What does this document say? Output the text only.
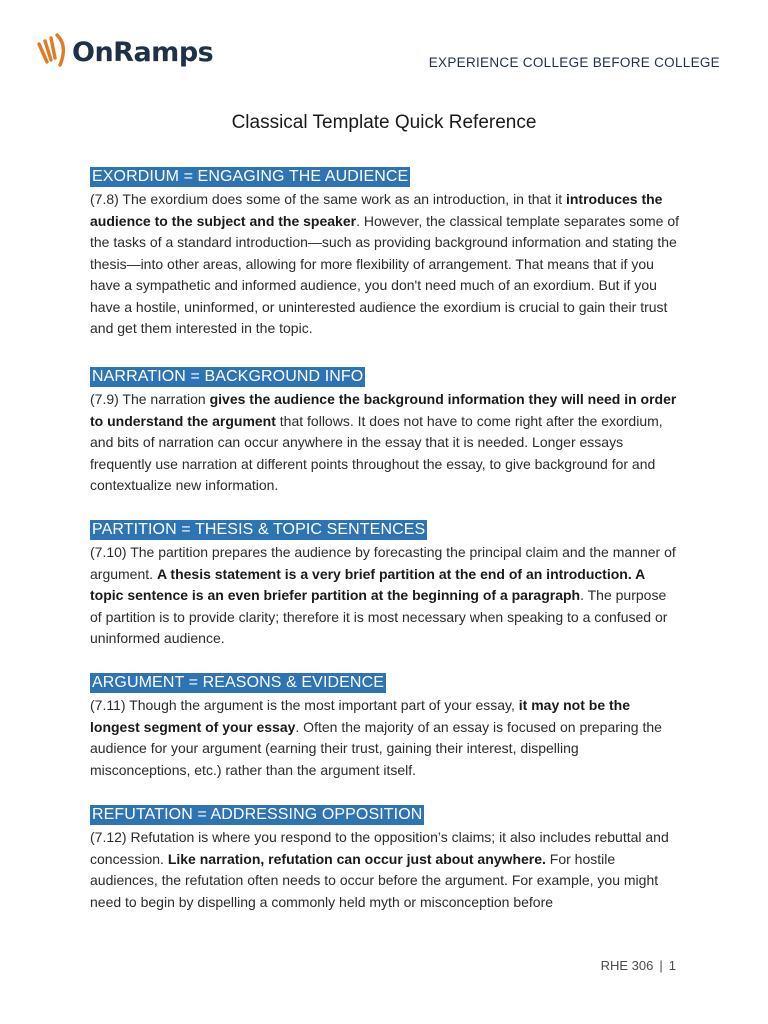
OnRamps	EXPERIENCE COLLEGE BEFORE COLLEGE
Classical Template Quick Reference
EXORDIUM = ENGAGING THE AUDIENCE
(7.8) The exordium does some of the same work as an introduction, in that it introduces the audience to the subject and the speaker. However, the classical template separates some of the tasks of a standard introduction—such as providing background information and stating the thesis—into other areas, allowing for more flexibility of arrangement. That means that if you have a sympathetic and informed audience, you don't need much of an exordium. But if you have a hostile, uninformed, or uninterested audience the exordium is crucial to gain their trust and get them interested in the topic.
NARRATION = BACKGROUND INFO
(7.9) The narration gives the audience the background information they will need in order to understand the argument that follows. It does not have to come right after the exordium, and bits of narration can occur anywhere in the essay that it is needed. Longer essays frequently use narration at different points throughout the essay, to give background for and contextualize new information.
PARTITION = THESIS & TOPIC SENTENCES
(7.10) The partition prepares the audience by forecasting the principal claim and the manner of argument. A thesis statement is a very brief partition at the end of an introduction. A topic sentence is an even briefer partition at the beginning of a paragraph. The purpose of partition is to provide clarity; therefore it is most necessary when speaking to a confused or uninformed audience.
ARGUMENT = REASONS & EVIDENCE
(7.11) Though the argument is the most important part of your essay, it may not be the longest segment of your essay. Often the majority of an essay is focused on preparing the audience for your argument (earning their trust, gaining their interest, dispelling misconceptions, etc.) rather than the argument itself.
REFUTATION = ADDRESSING OPPOSITION
(7.12) Refutation is where you respond to the opposition’s claims; it also includes rebuttal and concession. Like narration, refutation can occur just about anywhere. For hostile audiences, the refutation often needs to occur before the argument. For example, you might need to begin by dispelling a commonly held myth or misconception before
RHE 306 | 1
